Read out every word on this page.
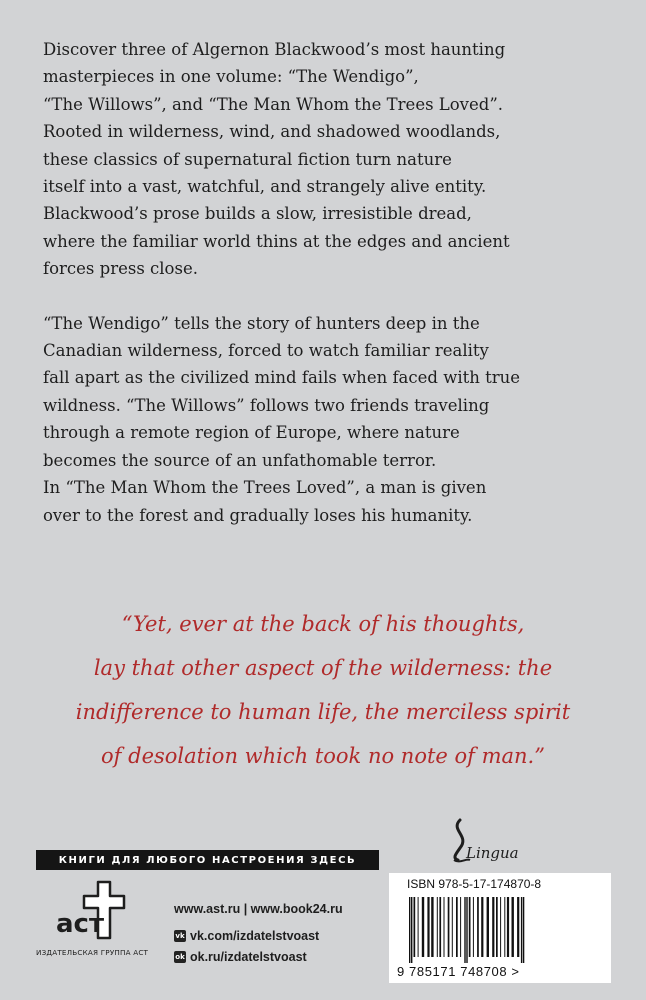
Discover three of Algernon Blackwood’s most haunting
masterpieces in one volume: “The Wendigo”,
“The Willows”, and “The Man Whom the Trees Loved”.
Rooted in wilderness, wind, and shadowed woodlands,
these classics of supernatural fiction turn nature
itself into a vast, watchful, and strangely alive entity.
Blackwood’s prose builds a slow, irresistible dread,
where the familiar world thins at the edges and ancient
forces press close.

“The Wendigo” tells the story of hunters deep in the
Canadian wilderness, forced to watch familiar reality
fall apart as the civilized mind fails when faced with true
wildness. “The Willows” follows two friends traveling
through a remote region of Europe, where nature
becomes the source of an unfathomable terror.
In “The Man Whom the Trees Loved”, a man is given
over to the forest and gradually loses his humanity.

“Yet, ever at the back of his thoughts,
lay that other aspect of the wilderness: the
indifference to human life, the merciless spirit
of desolation which took no note of man.”
Lingua
КНИГИ ДЛЯ ЛЮБОГО НАСТРОЕНИЯ ЗДЕСЬ
аст
ИЗДАТЕЛЬСКАЯ ГРУППА АСТ
www.ast.ru | www.book24.ru
vk vk.com/izdatelstvoast
ok ok.ru/izdatelstvoast
ISBN 978-5-17-174870-8
9 785171 748708 >
